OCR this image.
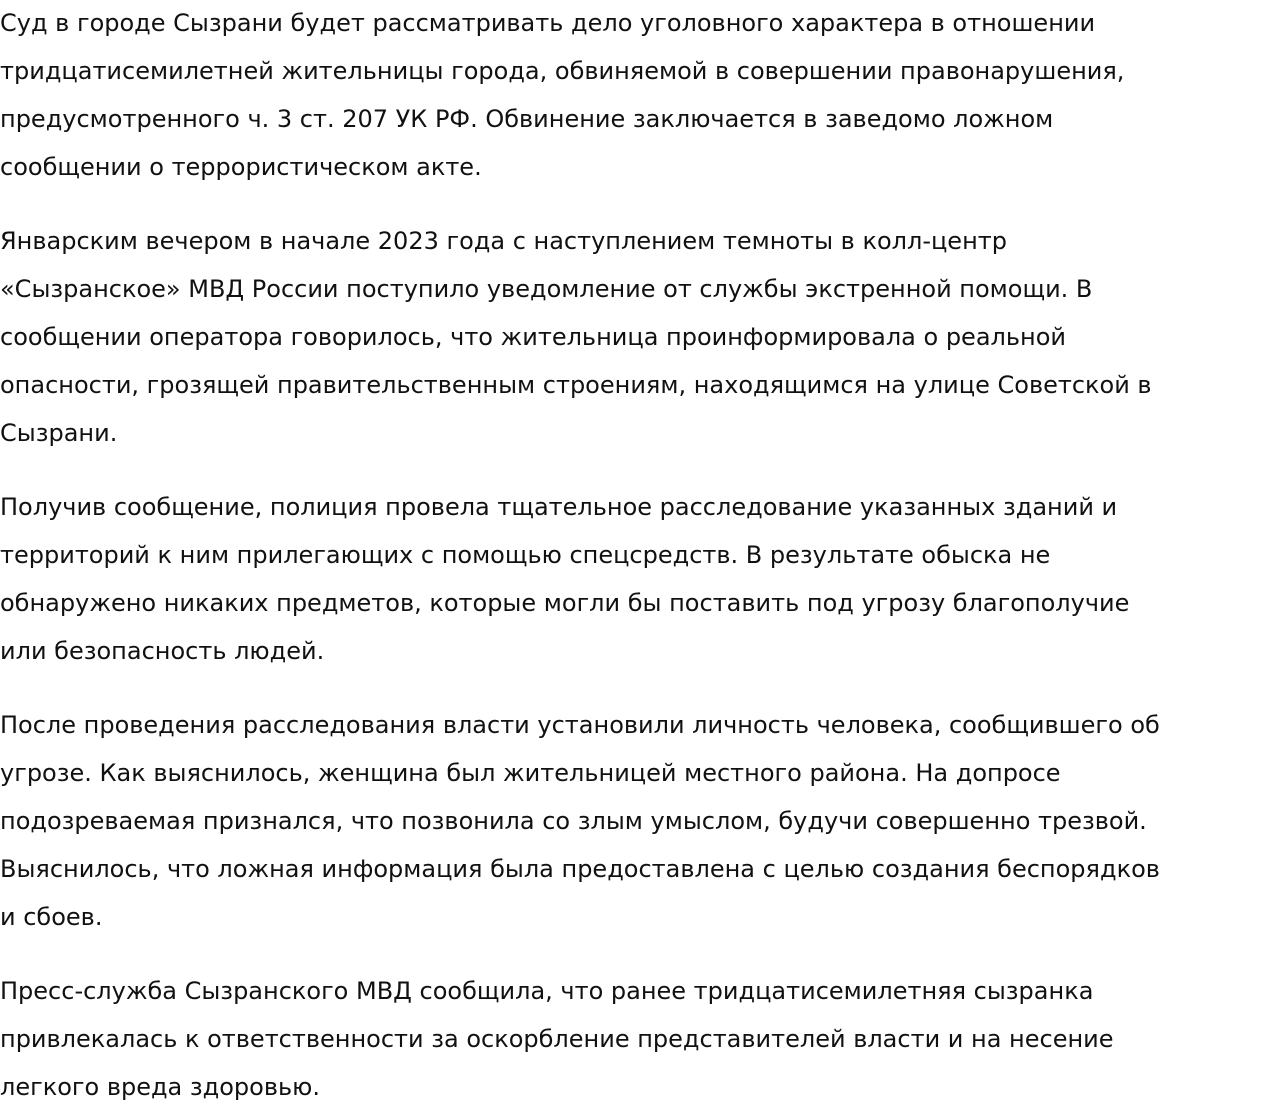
Суд в городе Сызрани будет рассматривать дело уголовного характера в отношении
тридцатисемилетней жительницы города, обвиняемой в совершении правонарушения,
предусмотренного ч. 3 ст. 207 УК РФ. Обвинение заключается в заведомо ложном
сообщении о террористическом акте.

Январским вечером в начале 2023 года с наступлением темноты в колл-центр
«Сызранское» МВД России поступило уведомление от службы экстренной помощи. В
сообщении оператора говорилось, что жительница проинформировала о реальной
опасности, грозящей правительственным строениям, находящимся на улице Советской в
Сызрани.

Получив сообщение, полиция провела тщательное расследование указанных зданий и
территорий к ним прилегающих с помощью спецсредств. В результате обыска не
обнаружено никаких предметов, которые могли бы поставить под угрозу благополучие
или безопасность людей.

После проведения расследования власти установили личность человека, сообщившего об
угрозе. Как выяснилось, женщина был жительницей местного района. На допросе
подозреваемая признался, что позвонила со злым умыслом, будучи совершенно трезвой.
Выяснилось, что ложная информация была предоставлена с целью создания беспорядков
и сбоев.

Пресс-служба Сызранского МВД сообщила, что ранее тридцатисемилетняя сызранка
привлекалась к ответственности за оскорбление представителей власти и на несение
легкого вреда здоровью.
